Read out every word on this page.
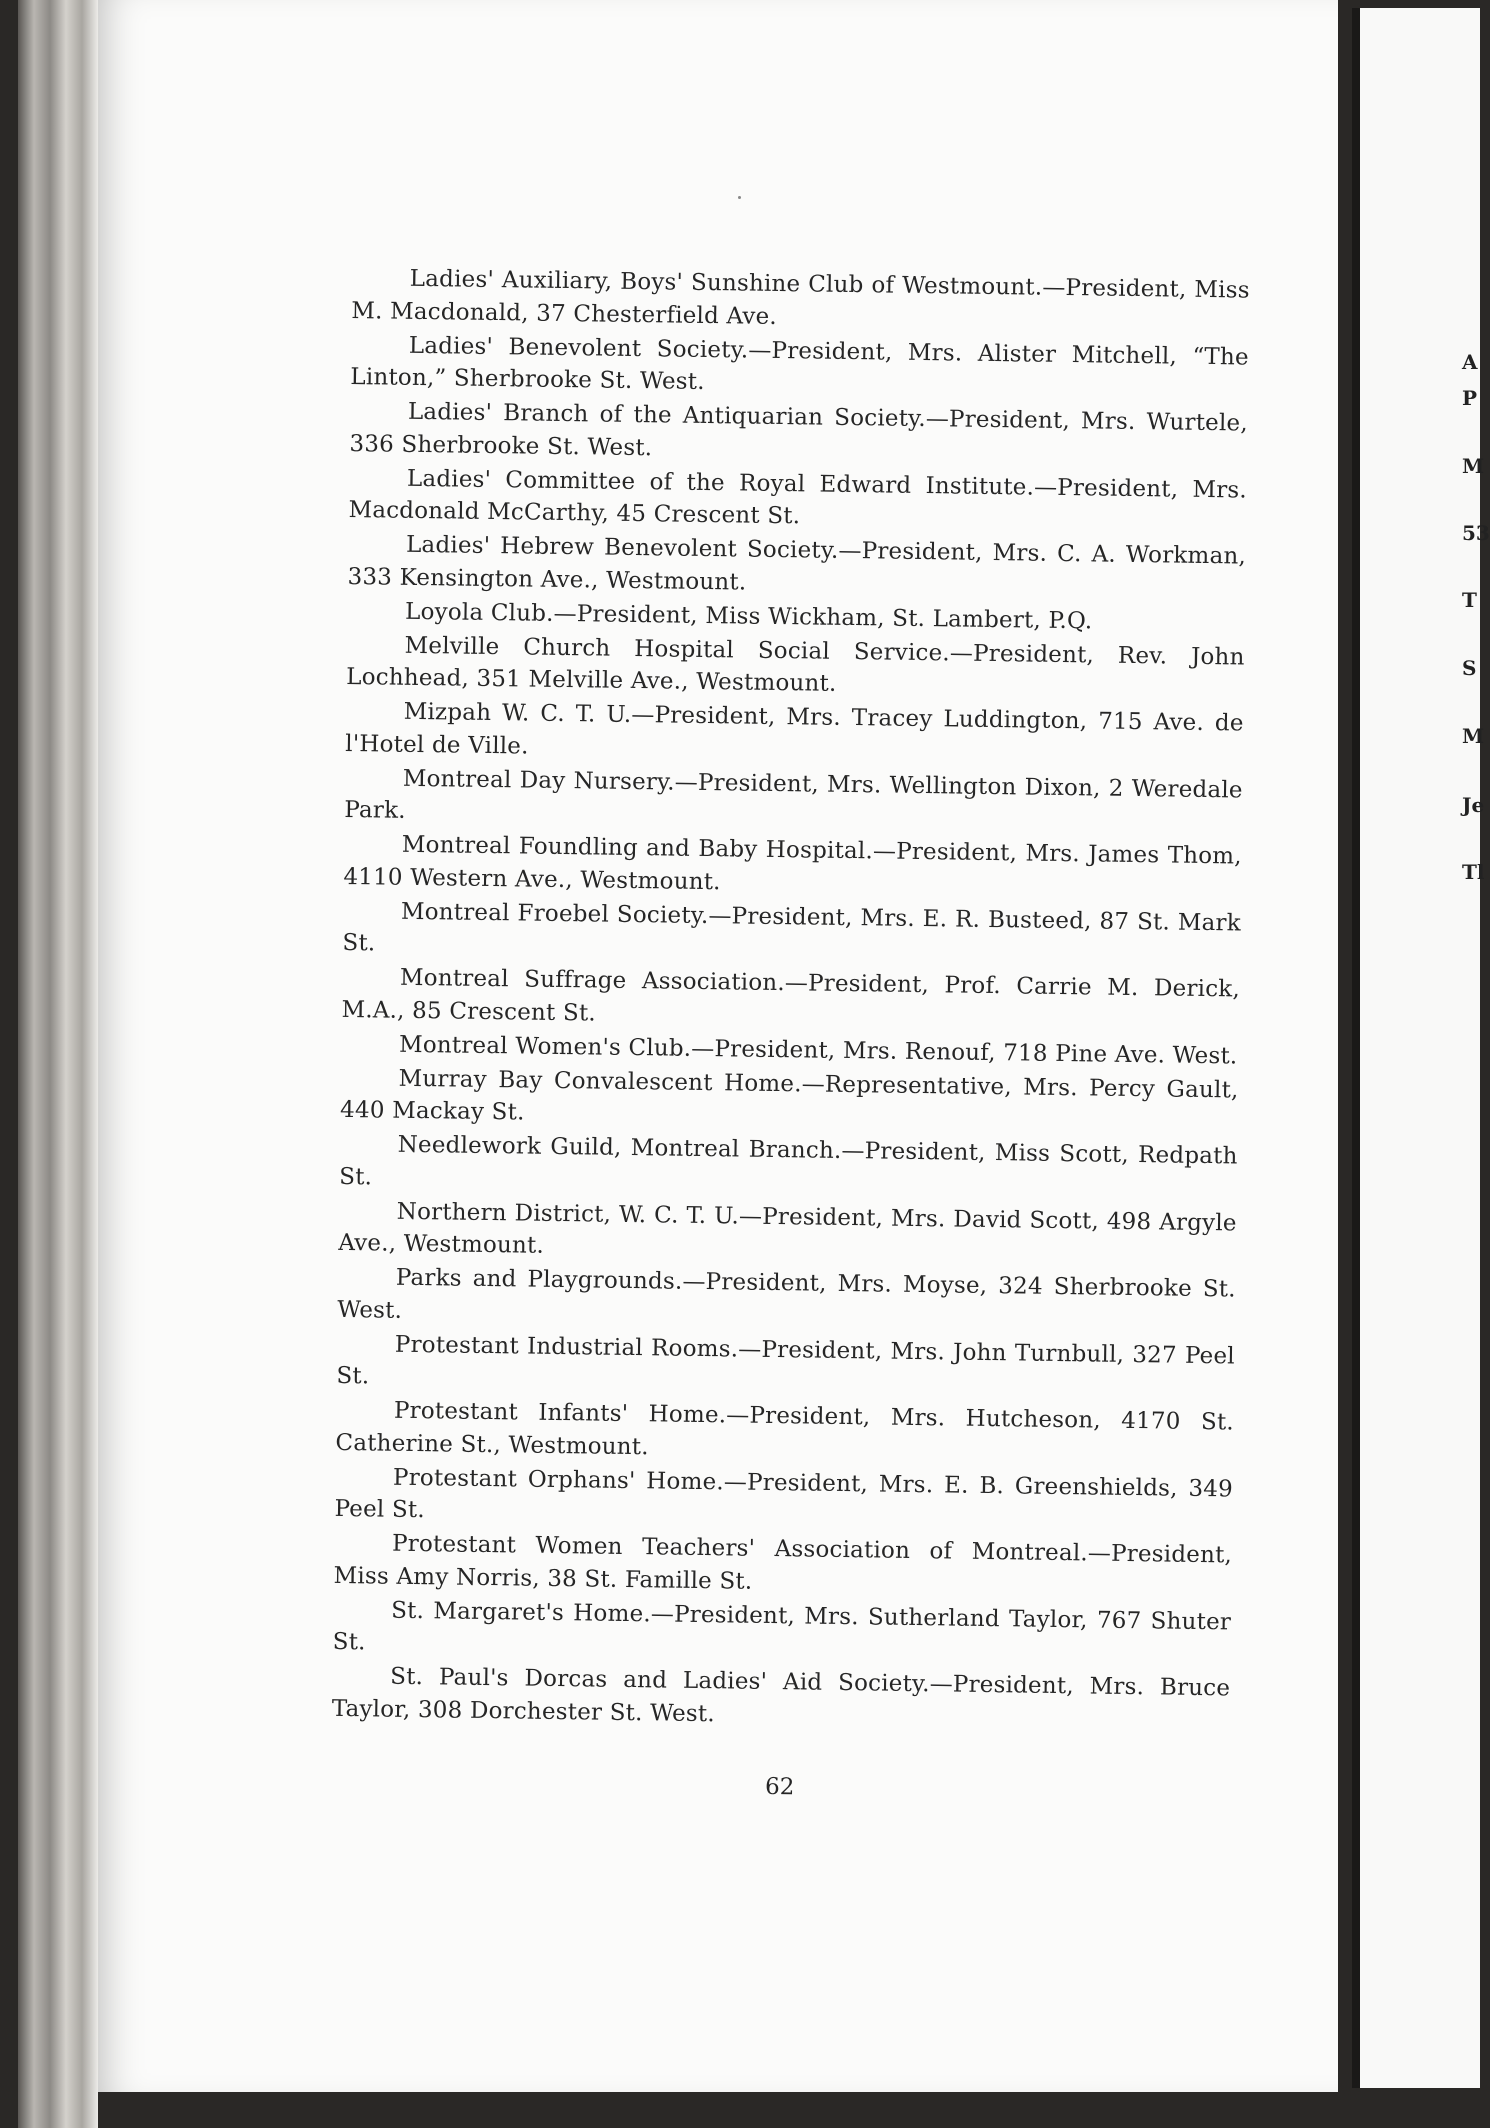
A
P
M
53
T
S
M
Je
Tl

Ladies' Auxiliary, Boys' Sunshine Club of Westmount.—President, Miss M. Macdonald, 37 Chesterfield Ave.

Ladies' Benevolent Society.—President, Mrs. Alister Mitchell, “The Linton,” Sherbrooke St. West.

Ladies' Branch of the Antiquarian Society.—President, Mrs. Wurtele, 336 Sherbrooke St. West.

Ladies' Committee of the Royal Edward Institute.—President, Mrs. Macdonald McCarthy, 45 Crescent St.

Ladies' Hebrew Benevolent Society.—President, Mrs. C. A. Workman, 333 Kensington Ave., Westmount.

Loyola Club.—President, Miss Wickham, St. Lambert, P.Q.

Melville Church Hospital Social Service.—President, Rev. John Lochhead, 351 Melville Ave., Westmount.

Mizpah W. C. T. U.—President, Mrs. Tracey Luddington, 715 Ave. de l'Hotel de Ville.

Montreal Day Nursery.—President, Mrs. Wellington Dixon, 2 Weredale Park.

Montreal Foundling and Baby Hospital.—President, Mrs. James Thom, 4110 Western Ave., Westmount.

Montreal Froebel Society.—President, Mrs. E. R. Busteed, 87 St. Mark St.

Montreal Suffrage Association.—President, Prof. Carrie M. Derick, M.A., 85 Crescent St.

Montreal Women's Club.—President, Mrs. Renouf, 718 Pine Ave. West.

Murray Bay Convalescent Home.—Representative, Mrs. Percy Gault, 440 Mackay St.

Needlework Guild, Montreal Branch.—President, Miss Scott, Redpath St.

Northern District, W. C. T. U.—President, Mrs. David Scott, 498 Argyle Ave., Westmount.

Parks and Playgrounds.—President, Mrs. Moyse, 324 Sherbrooke St. West.

Protestant Industrial Rooms.—President, Mrs. John Turnbull, 327 Peel St.

Protestant Infants' Home.—President, Mrs. Hutcheson, 4170 St. Catherine St., Westmount.

Protestant Orphans' Home.—President, Mrs. E. B. Greenshields, 349 Peel St.

Protestant Women Teachers' Association of Montreal.—President, Miss Amy Norris, 38 St. Famille St.

St. Margaret's Home.—President, Mrs. Sutherland Taylor, 767 Shuter St.

St. Paul's Dorcas and Ladies' Aid Society.—President, Mrs. Bruce Taylor, 308 Dorchester St. West.

62
